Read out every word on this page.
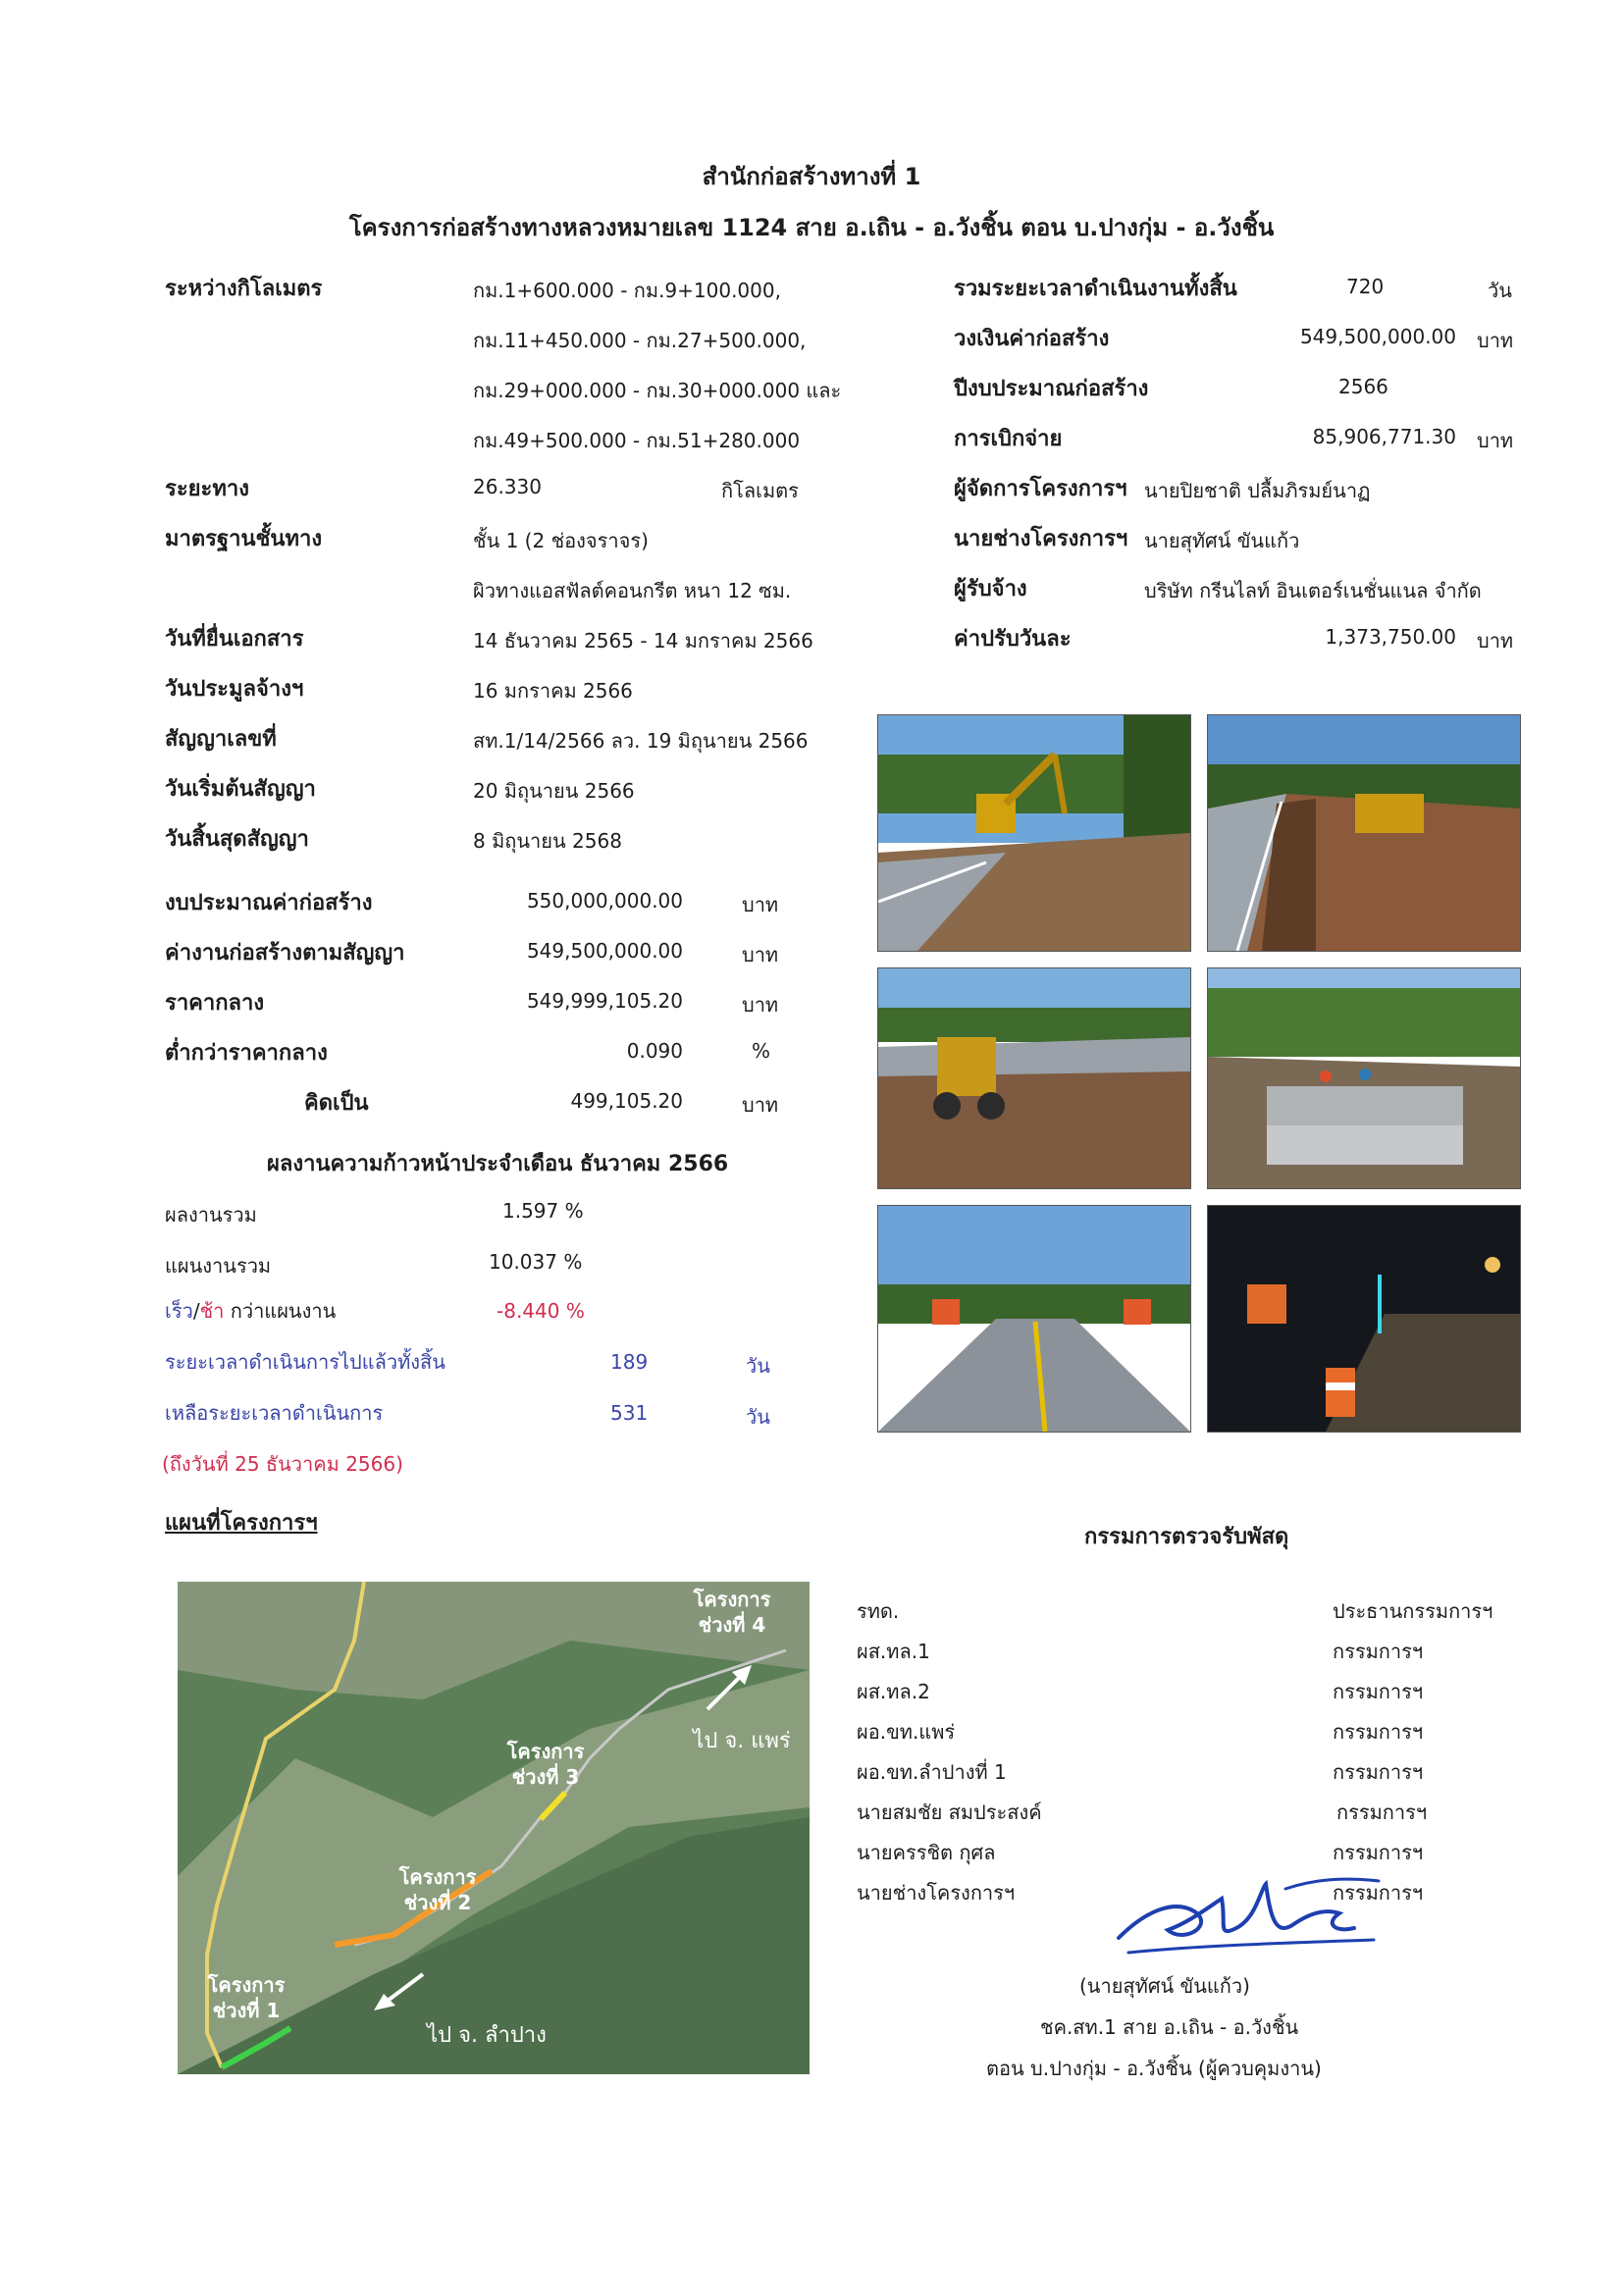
สำนักก่อสร้างทางที่ 1
โครงการก่อสร้างทางหลวงหมายเลข 1124 สาย อ.เถิน - อ.วังชิ้น ตอน บ.ปางกุ่ม - อ.วังชิ้น
ระหว่างกิโลเมตร	กม.1+600.000 - กม.9+100.000,
กม.11+450.000 - กม.27+500.000,
กม.29+000.000 - กม.30+000.000 และ
กม.49+500.000 - กม.51+280.000
ระยะทาง	26.330	กิโลเมตร
มาตรฐานชั้นทาง	ชั้น 1 (2 ช่องจราจร)
ผิวทางแอสฟัลต์คอนกรีต หนา 12 ซม.
วันที่ยื่นเอกสาร	14 ธันวาคม 2565 - 14 มกราคม 2566
วันประมูลจ้างฯ	16 มกราคม 2566
สัญญาเลขที่	สท.1/14/2566 ลว. 19 มิถุนายน 2566
วันเริ่มต้นสัญญา	20 มิถุนายน 2566
วันสิ้นสุดสัญญา	8 มิถุนายน 2568
รวมระยะเวลาดำเนินงานทั้งสิ้น	720	วัน
วงเงินค่าก่อสร้าง	549,500,000.00 บาท
ปีงบประมาณก่อสร้าง	2566
การเบิกจ่าย	85,906,771.30 บาท
ผู้จัดการโครงการฯ นายปิยชาติ ปลื้มภิรมย์นาฏ
นายช่างโครงการฯ นายสุทัศน์ ขันแก้ว
ผู้รับจ้าง	บริษัท กรีนไลท์ อินเตอร์เนชั่นแนล จำกัด
ค่าปรับวันละ	1,373,750.00 บาท
งบประมาณค่าก่อสร้าง	550,000,000.00	บาท
ค่างานก่อสร้างตามสัญญา	549,500,000.00	บาท
ราคากลาง	549,999,105.20	บาท
ต่ำกว่าราคากลาง	0.090	%
คิดเป็น	499,105.20	บาท
ผลงานความก้าวหน้าประจำเดือน ธันวาคม 2566
ผลงานรวม	1.597 %
แผนงานรวม	10.037 %
เร็ว/ช้า กว่าแผนงาน	-8.440 %
ระยะเวลาดำเนินการไปแล้วทั้งสิ้น	189	วัน
เหลือระยะเวลาดำเนินการ	531	วัน
(ถึงวันที่ 25 ธันวาคม 2566)
แผนที่โครงการฯ
โครงการ
ช่วงที่ 1
โครงการ
ช่วงที่ 2
โครงการ
ช่วงที่ 3
โครงการ
ช่วงที่ 4
ไป จ. ลำปาง
ไป จ. แพร่
กรรมการตรวจรับพัสดุ
รทด.	ประธานกรรมการฯ
ผส.ทล.1	กรรมการฯ
ผส.ทล.2	กรรมการฯ
ผอ.ขท.แพร่	กรรมการฯ
ผอ.ขท.ลำปางที่ 1	กรรมการฯ
นายสมชัย สมประสงค์	กรรมการฯ
นายครรชิต กุศล	กรรมการฯ
นายช่างโครงการฯ	กรรมการฯ
(นายสุทัศน์ ขันแก้ว)
ชค.สท.1 สาย อ.เถิน - อ.วังชิ้น
ตอน บ.ปางกุ่ม - อ.วังชิ้น (ผู้ควบคุมงาน)
